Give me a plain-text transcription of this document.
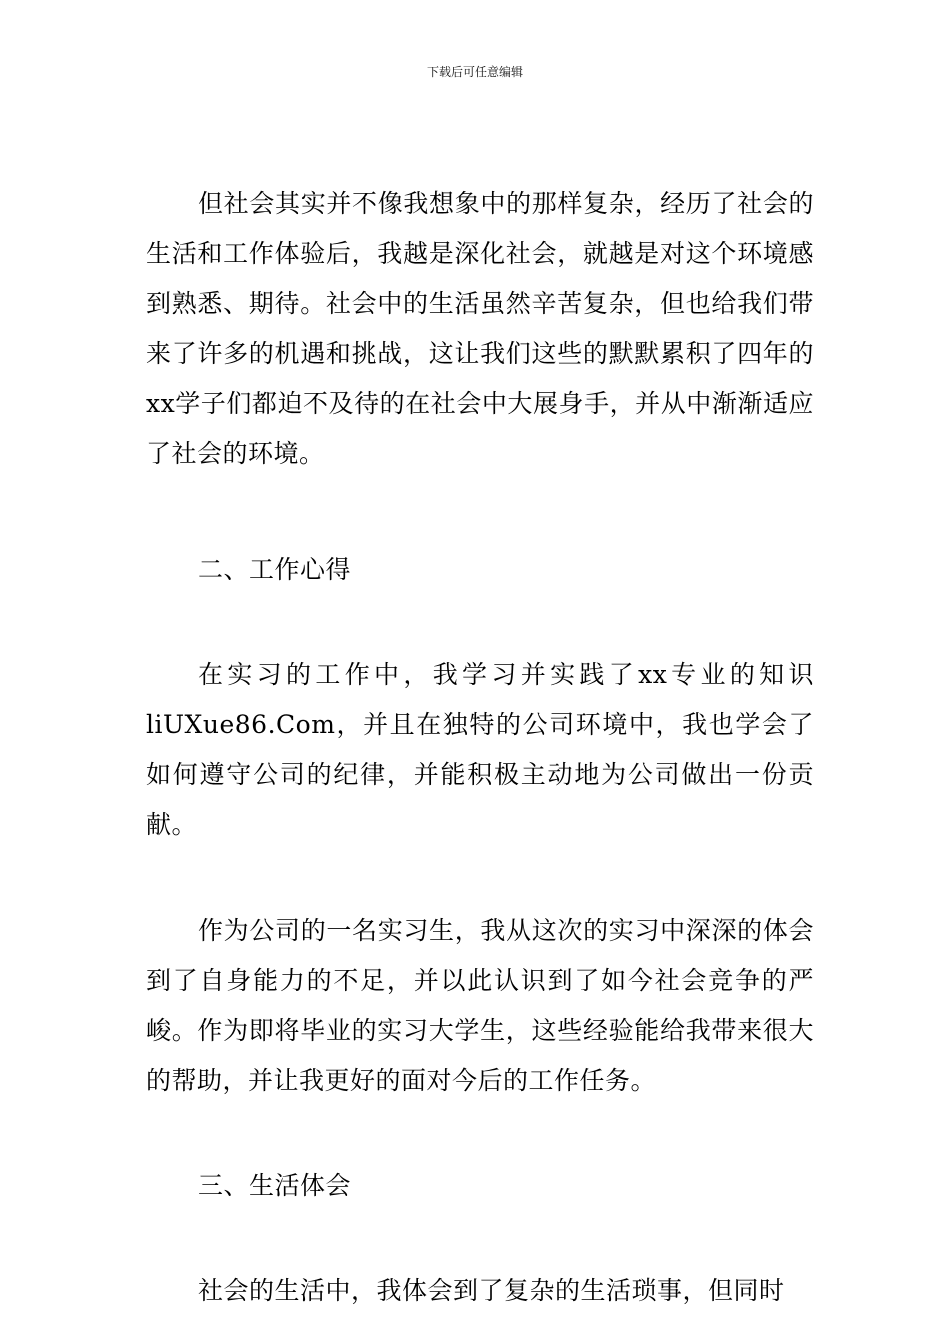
下载后可任意编辑

但社会其实并不像我想象中的那样复杂，经历了社会的生活和工作体验后，我越是深化社会，就越是对这个环境感到熟悉、期待。社会中的生活虽然辛苦复杂，但也给我们带来了许多的机遇和挑战，这让我们这些的默默累积了四年的xx学子们都迫不及待的在社会中大展身手，并从中渐渐适应了社会的环境。

二、工作心得

在实习的工作中，我学习并实践了xx专业的知识liUXue86.Com，并且在独特的公司环境中，我也学会了如何遵守公司的纪律，并能积极主动地为公司做出一份贡献。

作为公司的一名实习生，我从这次的实习中深深的体会到了自身能力的不足，并以此认识到了如今社会竞争的严峻。作为即将毕业的实习大学生，这些经验能给我带来很大的帮助，并让我更好的面对今后的工作任务。

三、生活体会

社会的生活中，我体会到了复杂的生活琐事，但同时
